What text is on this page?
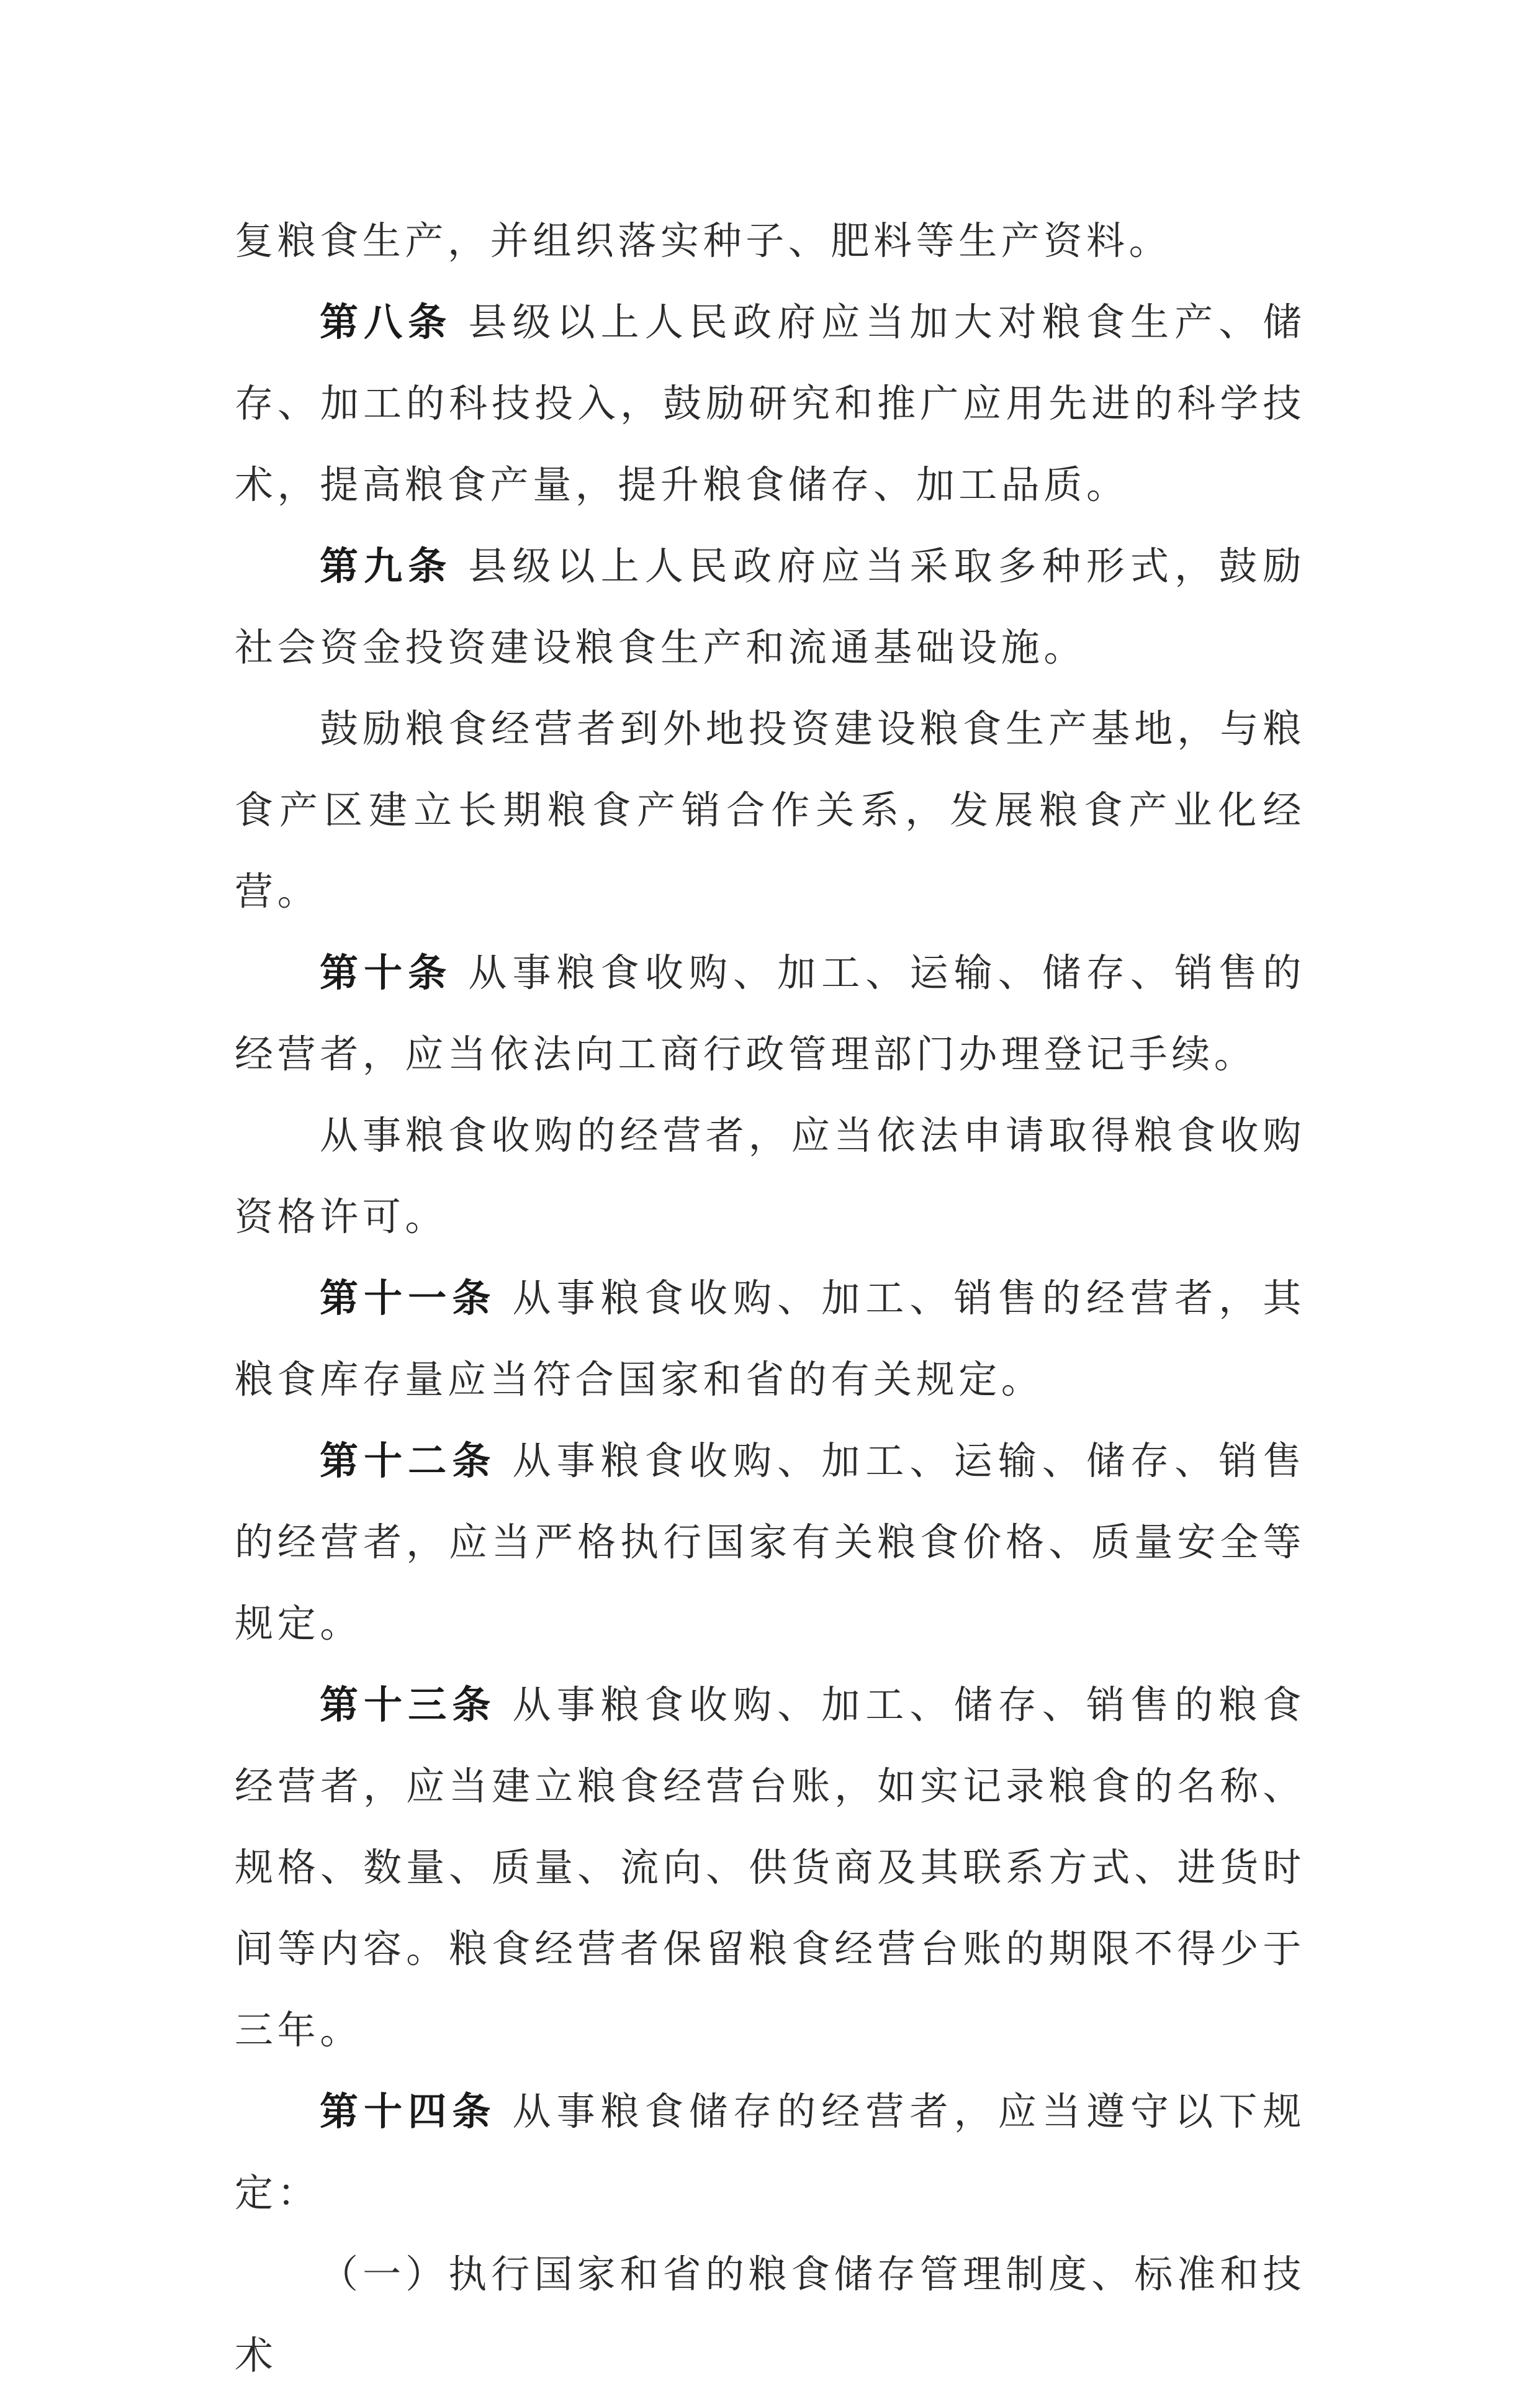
复粮食生产，并组织落实种子、肥料等生产资料。

第八条 县级以上人民政府应当加大对粮食生产、储存、加工的科技投入，鼓励研究和推广应用先进的科学技术，提高粮食产量，提升粮食储存、加工品质。

第九条 县级以上人民政府应当采取多种形式，鼓励社会资金投资建设粮食生产和流通基础设施。

鼓励粮食经营者到外地投资建设粮食生产基地，与粮食产区建立长期粮食产销合作关系，发展粮食产业化经营。

第十条 从事粮食收购、加工、运输、储存、销售的经营者，应当依法向工商行政管理部门办理登记手续。

从事粮食收购的经营者，应当依法申请取得粮食收购资格许可。

第十一条 从事粮食收购、加工、销售的经营者，其粮食库存量应当符合国家和省的有关规定。

第十二条 从事粮食收购、加工、运输、储存、销售的经营者，应当严格执行国家有关粮食价格、质量安全等规定。

第十三条 从事粮食收购、加工、储存、销售的粮食经营者，应当建立粮食经营台账，如实记录粮食的名称、规格、数量、质量、流向、供货商及其联系方式、进货时间等内容。粮食经营者保留粮食经营台账的期限不得少于三年。

第十四条 从事粮食储存的经营者，应当遵守以下规定：

（一）执行国家和省的粮食储存管理制度、标准和技术
